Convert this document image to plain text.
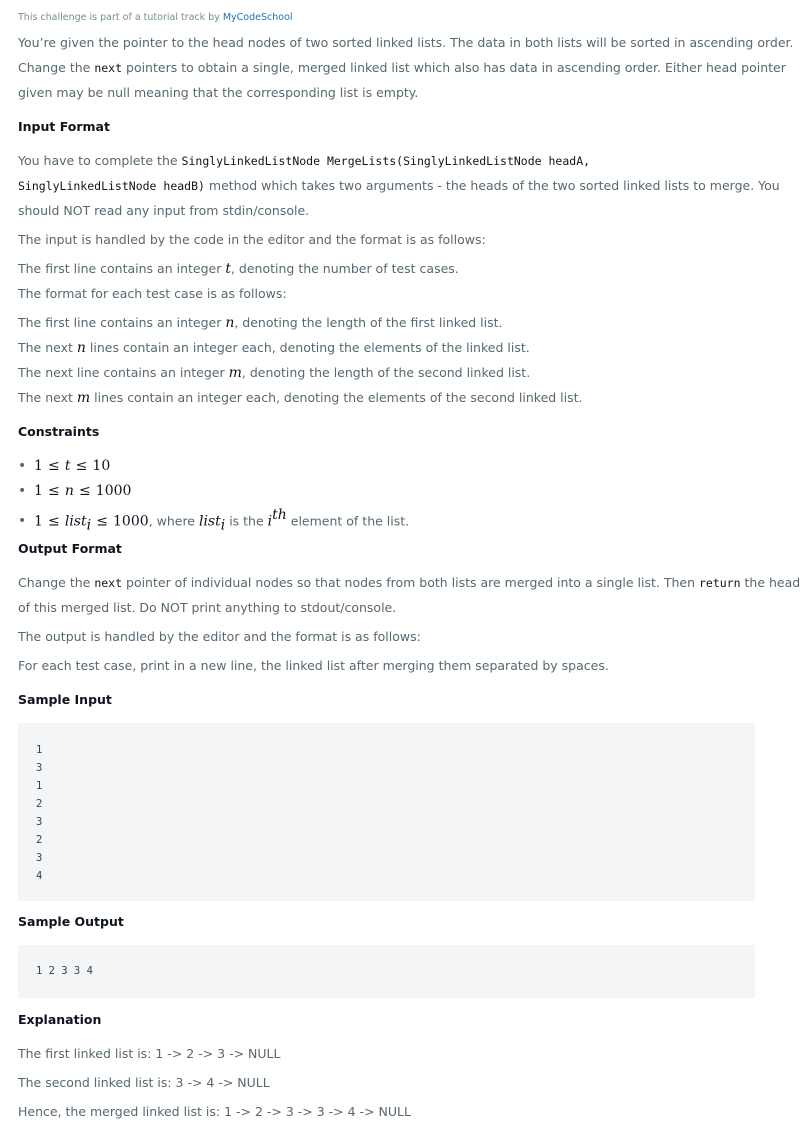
This challenge is part of a tutorial track by MyCodeSchool

You’re given the pointer to the head nodes of two sorted linked lists. The data in both lists will be sorted in ascending order.

Change the next pointers to obtain a single, merged linked list which also has data in ascending order. Either head pointer

given may be null meaning that the corresponding list is empty.

Input Format

You have to complete the SinglyLinkedListNode MergeLists(SinglyLinkedListNode headA,

SinglyLinkedListNode headB) method which takes two arguments - the heads of the two sorted linked lists to merge. You

should NOT read any input from stdin/console.

The input is handled by the code in the editor and the format is as follows:

The first line contains an integer t, denoting the number of test cases.

The format for each test case is as follows:

The first line contains an integer n, denoting the length of the first linked list.

The next n lines contain an integer each, denoting the elements of the linked list.

The next line contains an integer m, denoting the length of the second linked list.

The next m lines contain an integer each, denoting the elements of the second linked list.

Constraints

• 1 ≤ t ≤ 10
• 1 ≤ n ≤ 1000
• 1 ≤ list$_i$ ≤ 1000, where list$_i$ is the $i^{th}$ element of the list.

Output Format

Change the next pointer of individual nodes so that nodes from both lists are merged into a single list. Then return the head

of this merged list. Do NOT print anything to stdout/console.

The output is handled by the editor and the format is as follows:

For each test case, print in a new line, the linked list after merging them separated by spaces.

Sample Input

1
3
1
2
3
2
3
4

Sample Output

1 2 3 3 4

Explanation

The first linked list is: 1 -> 2 -> 3 -> NULL

The second linked list is: 3 -> 4 -> NULL

Hence, the merged linked list is: 1 -> 2 -> 3 -> 3 -> 4 -> NULL
